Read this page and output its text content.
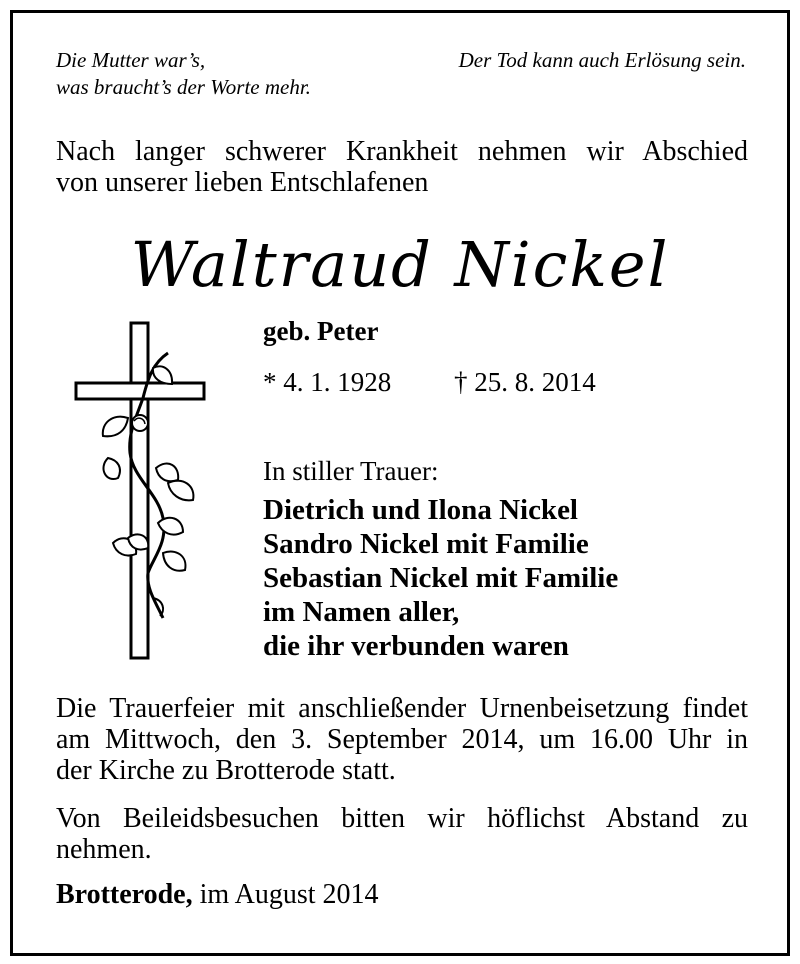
Die Mutter war’s,
was braucht’s der Worte mehr.
Der Tod kann auch Erlösung sein.
Nach langer schwerer Krankheit nehmen wir Abschied
von unserer lieben Entschlafenen
Waltraud Nickel
geb. Peter
* 4. 1. 1928 † 25. 8. 2014
In stiller Trauer:
Dietrich und Ilona Nickel
Sandro Nickel mit Familie
Sebastian Nickel mit Familie
im Namen aller,
die ihr verbunden waren
Die Trauerfeier mit anschließender Urnenbeisetzung findet
am Mittwoch, den 3. September 2014, um 16.00 Uhr in
der Kirche zu Brotterode statt.
Von Beileidsbesuchen bitten wir höflichst Abstand zu
nehmen.
Brotterode, im August 2014
